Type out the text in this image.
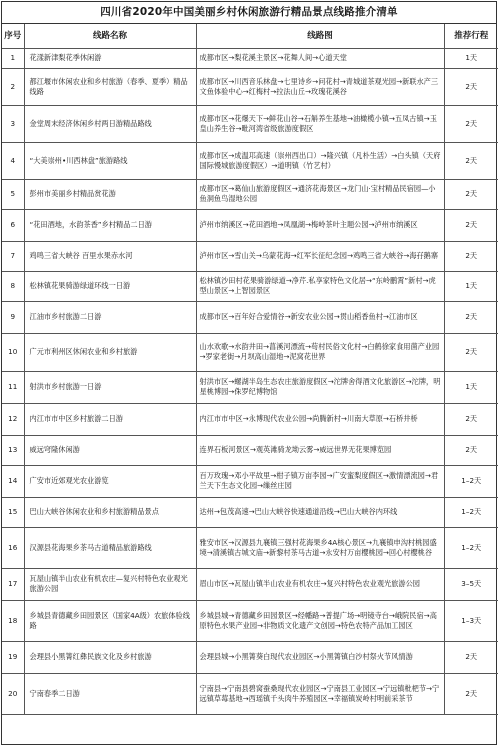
四川省2020年中国美丽乡村休闲旅游行精品景点线路推介清单
序号	线路名称	线路图	推荐行程
1	花漾新津梨花季休闲游	成都市区→梨花溪主景区→花舞人间→心道天堂	1天
2	都江堰市休闲农业和乡村旅游（春季、夏季）精品线路	成都市区→川西音乐林盘→七里诗乡→问花村→青城道茶观光园→新联水产三文鱼体验中心→红梅村→拉法山丘→玫瑰花溪谷	2天
3	金堂周末经济休闲乡村两日游精品路线	成都市区→花爆天下→鲜花山谷→石斛养生基地→油橄榄小镇→五凤古镇→玉皇山养生谷→毗河湾省级旅游度假区	2天
4	“大美崇州•川西林盘”旅游路线	成都市区→成温邛高速（崇州西出口）→隆兴镇（凡朴生活）→白头镇（天府国际慢城旅游度假区）→道明镇（竹艺村）	2天
5	彭州市美丽乡村精品赏花游	成都市区→葛仙山旅游度假区→通济花海景区→龙门山·宝村精品民宿园—小鱼洞鱼鸟湿地公园	2天
6	“花田酒地，水韵茶香”乡村精品二日游	泸州市纳溪区→花田酒地→凤凰湖→梅岭茶叶主题公园→泸州市纳溪区	2天
7	鸡鸣三省大峡谷 百里水果赤水河	泸州市区→雪山关→乌蒙花海→红军长征纪念园→鸡鸣三省大峡谷→海孖鹅寨	2天
8	松林镇花果骑游绿道环线一日游	松林镇沙田村花果骑游绿道→净芹.私享家特色文化居→“东岭鹏霄”新村→虎型山景区→上智园景区	1天
9	江油市乡村旅游二日游	成都市区→百年好合爱情谷→新安农业公园→贯山稻香鱼村→江油市区	2天
10	广元市利州区休闲农业和乡村旅游	山水欢歌→水韵井田→菖溪河漂流→苟村民俗文化村→白鹤徐家食用菌产业园→罗家老街→月坝高山湿地→泥窝花世界	2天
11	射洪市乡村旅游一日游	射洪市区→螺湖半岛生态农庄旅游度假区→沱牌舍得酒文化旅游区→沱牌，明星桃博园→侏罗纪博物馆	1天
12	内江市市中区乡村旅游二日游	内江市市中区→永博现代农业公园→尚腾新村→川南大草原→石桥井桥	2天
13	威远穹隆休闲游	连界石板河景区→观英滩骑龙坳云雾→威远世界无花果博览园	2天
14	广安市近郊观光农业游览	百万玫瑰→邓小平故里→柑子镇万亩李园→广安蜜梨度假区→激情漂流园→君兰天下生态文化园→缫丝庄园	1–2天
15	巴山大峡谷休闲农业和乡村旅游精品景点	达州→包茂高速→巴山大峡谷快速通道沿线→巴山大峡谷内环线	1–2天
16	汉源县花海果乡茶马古道精品旅游路线	雅安市区→汉源县九襄镇三强村花海果乡4A核心景区→九襄镇申沟村桃园盛境→清溪镇古城文庙→新黎村茶马古道→永安村万亩樱桃园→回心村樱桃谷	1–2天
17	瓦屋山镇半山农业有机农庄—复兴村特色农业观光旅游公园	眉山市区→瓦屋山镇半山农业有机农庄→复兴村特色农业观光旅游公园	3–5天
18	乡城县青德藏乡田园景区（国家4A级）农旅体验线路	乡城县城→青德藏乡田园景区→经幡路→普提广场→明镜寺台→峨院民宿→高原特色水果产业园→非物质文化遗产文创园→特色农特产品加工园区	1–3天
19	会理县小黑箐红彝民族文化及乡村旅游	会理县城→小黑箐葵白现代农业园区→小黑箐镇白沙村祭火节风情游	2天
20	宁南春季二日游	宁南县→宁南县碧窝蚕桑现代农业园区→宁南县工业园区→宁远镇枇杷节→宁远镇草莓基地→西瑶镇千头肉牛养殖园区→幸福镇炭岭村明前采茶节	2天
